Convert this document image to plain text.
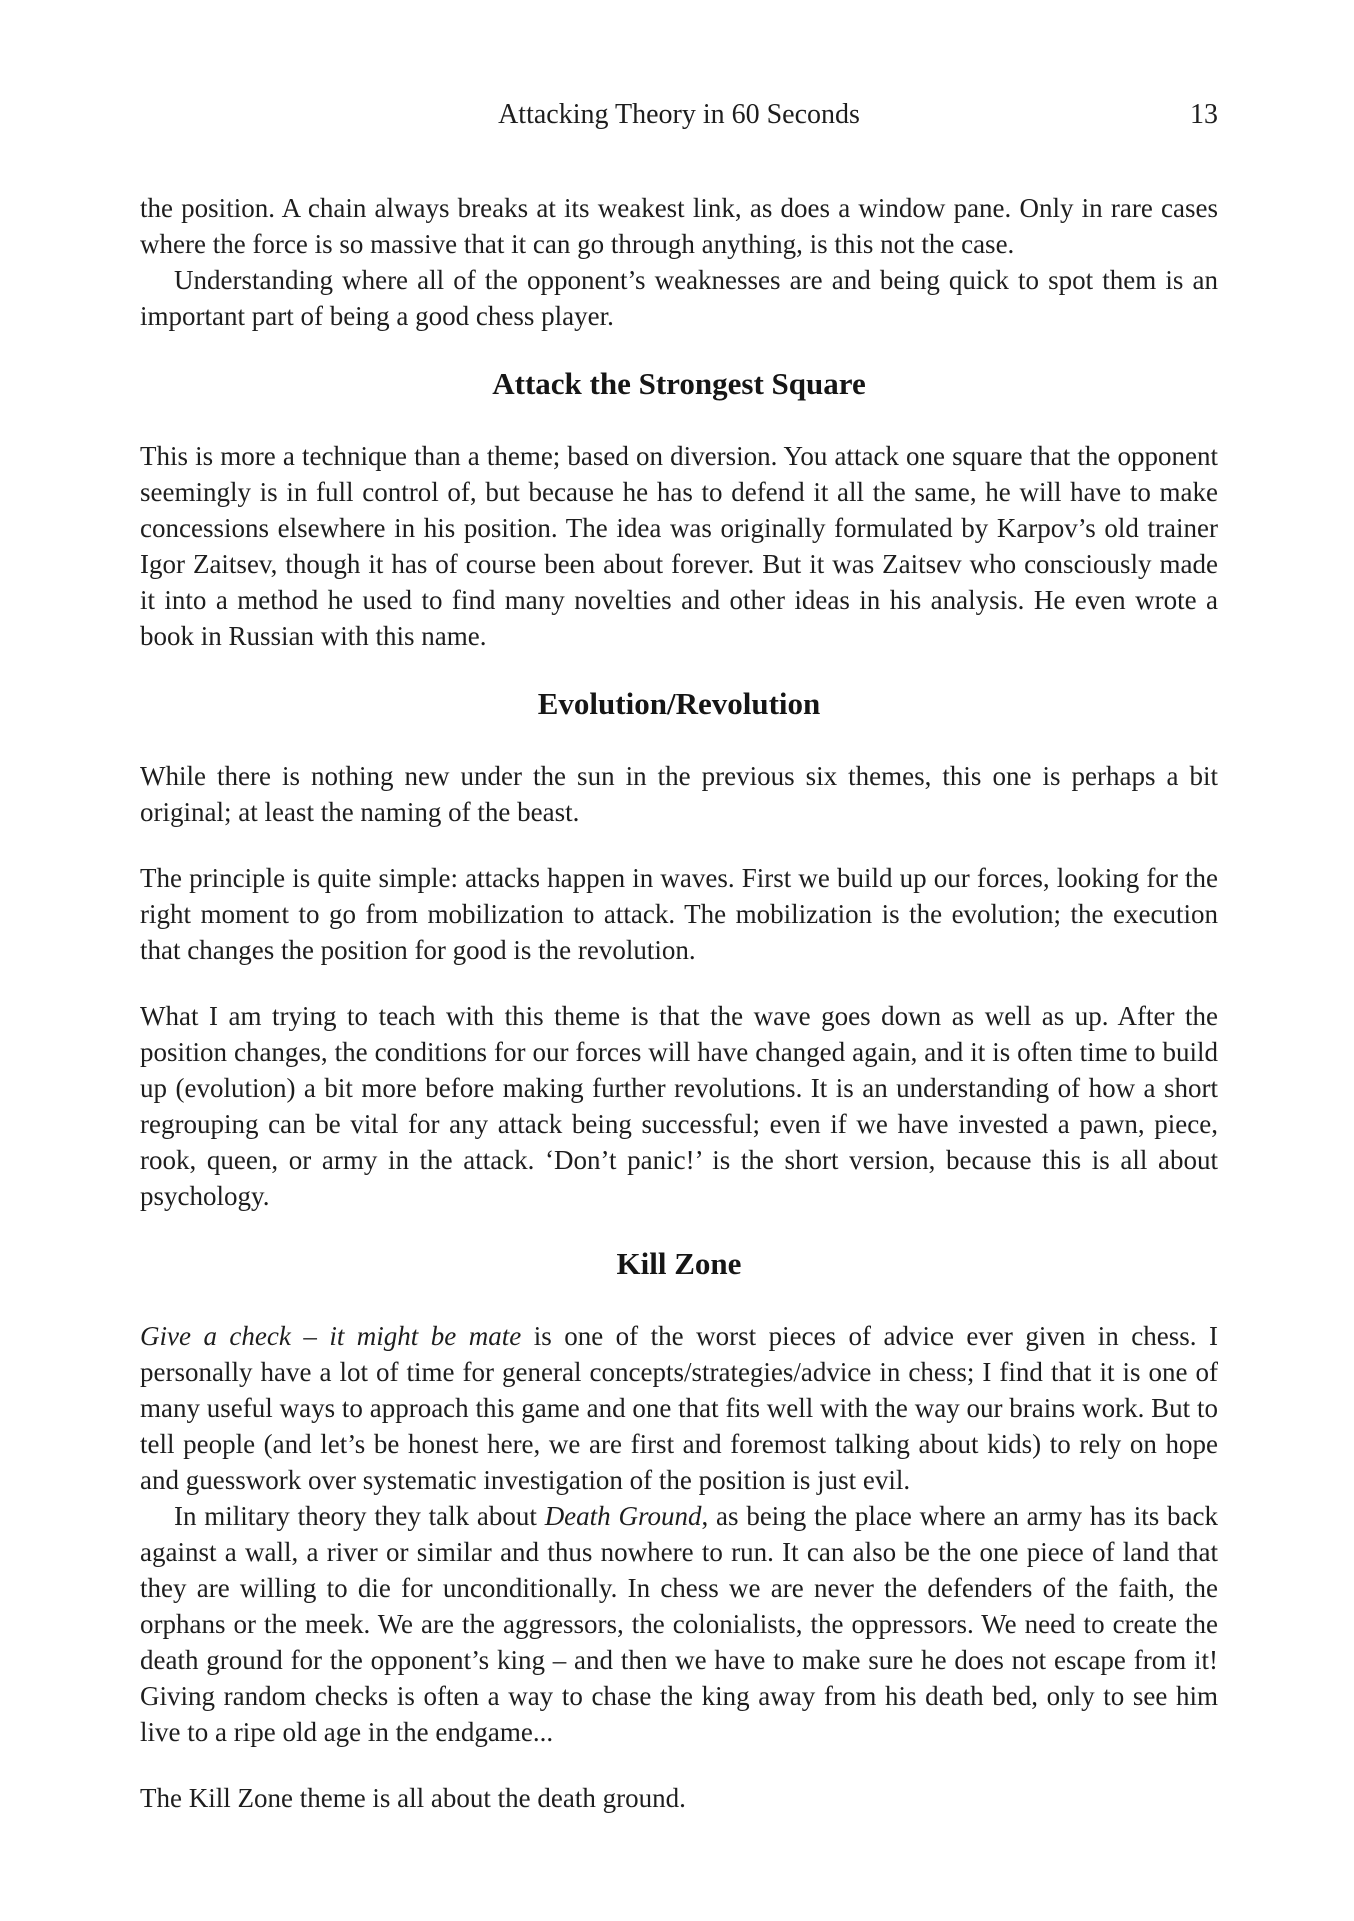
Attacking Theory in 60 Seconds	13

the position. A chain always breaks at its weakest link, as does a window pane. Only in rare cases where the force is so massive that it can go through anything, is this not the case.

Understanding where all of the opponent’s weaknesses are and being quick to spot them is an important part of being a good chess player.

Attack the Strongest Square

This is more a technique than a theme; based on diversion. You attack one square that the opponent seemingly is in full control of, but because he has to defend it all the same, he will have to make concessions elsewhere in his position. The idea was originally formulated by Karpov’s old trainer Igor Zaitsev, though it has of course been about forever. But it was Zaitsev who consciously made it into a method he used to find many novelties and other ideas in his analysis. He even wrote a book in Russian with this name.

Evolution/Revolution

While there is nothing new under the sun in the previous six themes, this one is perhaps a bit original; at least the naming of the beast.

The principle is quite simple: attacks happen in waves. First we build up our forces, looking for the right moment to go from mobilization to attack. The mobilization is the evolution; the execution that changes the position for good is the revolution.

What I am trying to teach with this theme is that the wave goes down as well as up. After the position changes, the conditions for our forces will have changed again, and it is often time to build up (evolution) a bit more before making further revolutions. It is an understanding of how a short regrouping can be vital for any attack being successful; even if we have invested a pawn, piece, rook, queen, or army in the attack. ‘Don’t panic!’ is the short version, because this is all about psychology.

Kill Zone

Give a check – it might be mate is one of the worst pieces of advice ever given in chess. I personally have a lot of time for general concepts/strategies/advice in chess; I find that it is one of many useful ways to approach this game and one that fits well with the way our brains work. But to tell people (and let’s be honest here, we are first and foremost talking about kids) to rely on hope and guesswork over systematic investigation of the position is just evil.

In military theory they talk about Death Ground, as being the place where an army has its back against a wall, a river or similar and thus nowhere to run. It can also be the one piece of land that they are willing to die for unconditionally. In chess we are never the defenders of the faith, the orphans or the meek. We are the aggressors, the colonialists, the oppressors. We need to create the death ground for the opponent’s king – and then we have to make sure he does not escape from it! Giving random checks is often a way to chase the king away from his death bed, only to see him live to a ripe old age in the endgame...

The Kill Zone theme is all about the death ground.
